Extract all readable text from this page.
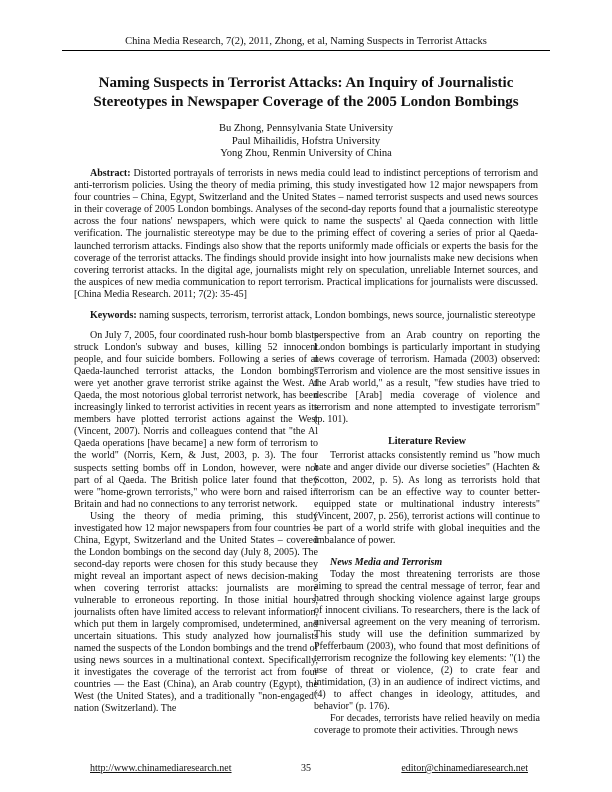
China Media Research, 7(2), 2011, Zhong, et al, Naming Suspects in Terrorist Attacks
Naming Suspects in Terrorist Attacks: An Inquiry of Journalistic Stereotypes in Newspaper Coverage of the 2005 London Bombings
Bu Zhong, Pennsylvania State University
Paul Mihailidis, Hofstra University
Yong Zhou, Renmin University of China

Abstract: Distorted portrayals of terrorists in news media could lead to indistinct perceptions of terrorism and anti-terrorism policies. Using the theory of media priming, this study investigated how 12 major newspapers from four countries – China, Egypt, Switzerland and the United States – named terrorist suspects and used news sources in their coverage of 2005 London bombings. Analyses of the second-day reports found that a journalistic stereotype across the four nations' newspapers, which were quick to name the suspects' al Qaeda connection with little verification. The journalistic stereotype may be due to the priming effect of covering a series of prior al Qaeda-launched terrorism attacks. Findings also show that the reports uniformly made officials or experts the basis for the coverage of the terrorist attacks. The findings should provide insight into how journalists make new decisions when covering terrorist attacks. In the digital age, journalists might rely on speculation, unreliable Internet sources, and the auspices of new media communication to report terrorism. Practical implications for journalists were discussed. [China Media Research. 2011; 7(2): 35-45]

Keywords: naming suspects, terrorism, terrorist attack, London bombings, news source, journalistic stereotype

On July 7, 2005, four coordinated rush-hour bomb blasts struck London's subway and buses, killing 52 innocent people, and four suicide bombers. Following a series of al Qaeda-launched terrorist attacks, the London bombings were yet another grave terrorist strike against the West. Al Qaeda, the most notorious global terrorist network, has been increasingly linked to terrorist activities in recent years as its members have plotted terrorist actions against the West (Vincent, 2007). Norris and colleagues contend that "the Al Qaeda operations [have became] a new form of terrorism to the world" (Norris, Kern, & Just, 2003, p. 3). The four suspects setting bombs off in London, however, were not part of al Qaeda. The British police later found that they were "home-grown terrorists," who were born and raised in Britain and had no connections to any terrorist network.

Using the theory of media priming, this study investigated how 12 major newspapers from four countries – China, Egypt, Switzerland and the United States – covered the London bombings on the second day (July 8, 2005). The second-day reports were chosen for this study because they might reveal an important aspect of news decision-making when covering terrorist attacks: journalists are more vulnerable to erroneous reporting. In those initial hours, journalists often have limited access to relevant information, which put them in largely compromised, undetermined, and uncertain situations. This study analyzed how journalists named the suspects of the London bombings and the trend of using news sources in a multinational context. Specifically, it investigates the coverage of the terrorist act from four countries — the East (China), an Arab country (Egypt), the West (the United States), and a traditionally "non-engaged" nation (Switzerland). The

perspective from an Arab country on reporting the London bombings is particularly important in studying news coverage of terrorism. Hamada (2003) observed: "Terrorism and violence are the most sensitive issues in the Arab world," as a result, "few studies have tried to describe [Arab] media coverage of violence and terrorism and none attempted to investigate terrorism" (p. 101).

Literature Review

Terrorist attacks consistently remind us "how much hate and anger divide our diverse societies" (Hachten & Scotton, 2002, p. 5). As long as terrorists hold that "terrorism can be an effective way to counter better-equipped state or multinational industry interests" (Vincent, 2007, p. 256), terrorist actions will continue to be part of a world strife with global inequities and the imbalance of power.

News Media and Terrorism

Today the most threatening terrorists are those aiming to spread the central message of terror, fear and hatred through shocking violence against large groups of innocent civilians. To researchers, there is the lack of universal agreement on the very meaning of terrorism. This study will use the definition summarized by Pfefferbaum (2003), who found that most definitions of terrorism recognize the following key elements: "(1) the use of threat or violence, (2) to crate fear and intimidation, (3) in an audience of indirect victims, and (4) to affect changes in ideology, attitudes, and behavior" (p. 176).

For decades, terrorists have relied heavily on media coverage to promote their activities. Through news

http://www.chinamediaresearch.net	35	editor@chinamediaresearch.net
